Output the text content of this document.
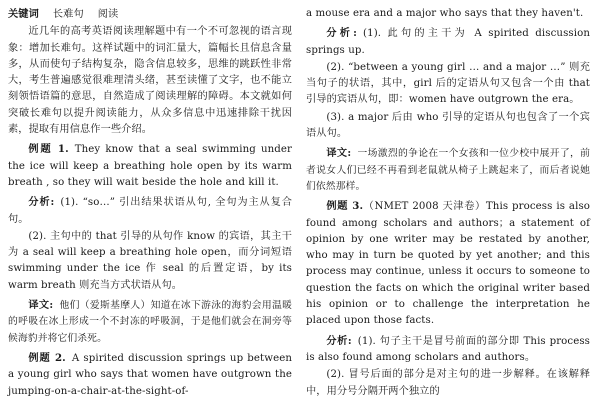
关键词 长难句 阅读

近几年的高考英语阅读理解题中有一个不可忽视的语言现象：增加长难句。这样试题中的词汇量大，篇幅长且信息含量多，从而使句子结构复杂，隐含信息较多，思维的跳跃性非常大，考生普遍感觉很难理清头绪，甚至读懂了文字，也不能立刻领悟语篇的意思，自然造成了阅读理解的障碍。本文就如何突破长难句以提升阅读能力，从众多信息中迅速排除干扰因素，提取有用信息作一些介绍。

例题 1. They know that a seal swimming under the ice will keep a breathing hole open by its warm breath , so they will wait beside the hole and kill it.

分析: (1). “so…” 引出结果状语从句, 全句为主从复合句。

(2). 主句中的 that 引导的从句作 know 的宾语，其主干为 a seal will keep a breathing hole open，而分词短语 swimming under the ice 作 seal 的后置定语，by its warm breath 则充当方式状语从句。

译文: 他们（爱斯基摩人）知道在冰下游泳的海豹会用温暖的呼吸在冰上形成一个不封冻的呼吸洞，于是他们就会在洞旁等候海豹并将它们杀死。

例题 2. A spirited discussion springs up between a young girl who says that women have outgrown the jumping-on-a-chair-at-the-sight-of-

a mouse era and a major who says that they haven't.

分析: (1). 此句的主干为 A spirited discussion springs up.

(2). “between a young girl … and a major …” 则充当句子的状语，其中，girl 后的定语从句又包含一个由 that 引导的宾语从句，即：women have outgrown the era。

(3). a major 后由 who 引导的定语从句也包含了一个宾语从句。

译文: 一场激烈的争论在一个女孩和一位少校中展开了，前者说女人们已经不再看到老鼠就从椅子上跳起来了，而后者说她们依然那样。

例题 3.（NMET 2008 天津卷）This process is also found among scholars and authors；a statement of opinion by one writer may be restated by another, who may in turn be quoted by yet another; and this process may continue, unless it occurs to someone to question the facts on which the original writer based his opinion or to challenge the interpretation he placed upon those facts.

分析: (1). 句子主干是冒号前面的部分即 This process is also found among scholars and authors。

(2). 冒号后面的部分是对主句的进一步解释。在该解释中，用分号分隔开两个独立的
